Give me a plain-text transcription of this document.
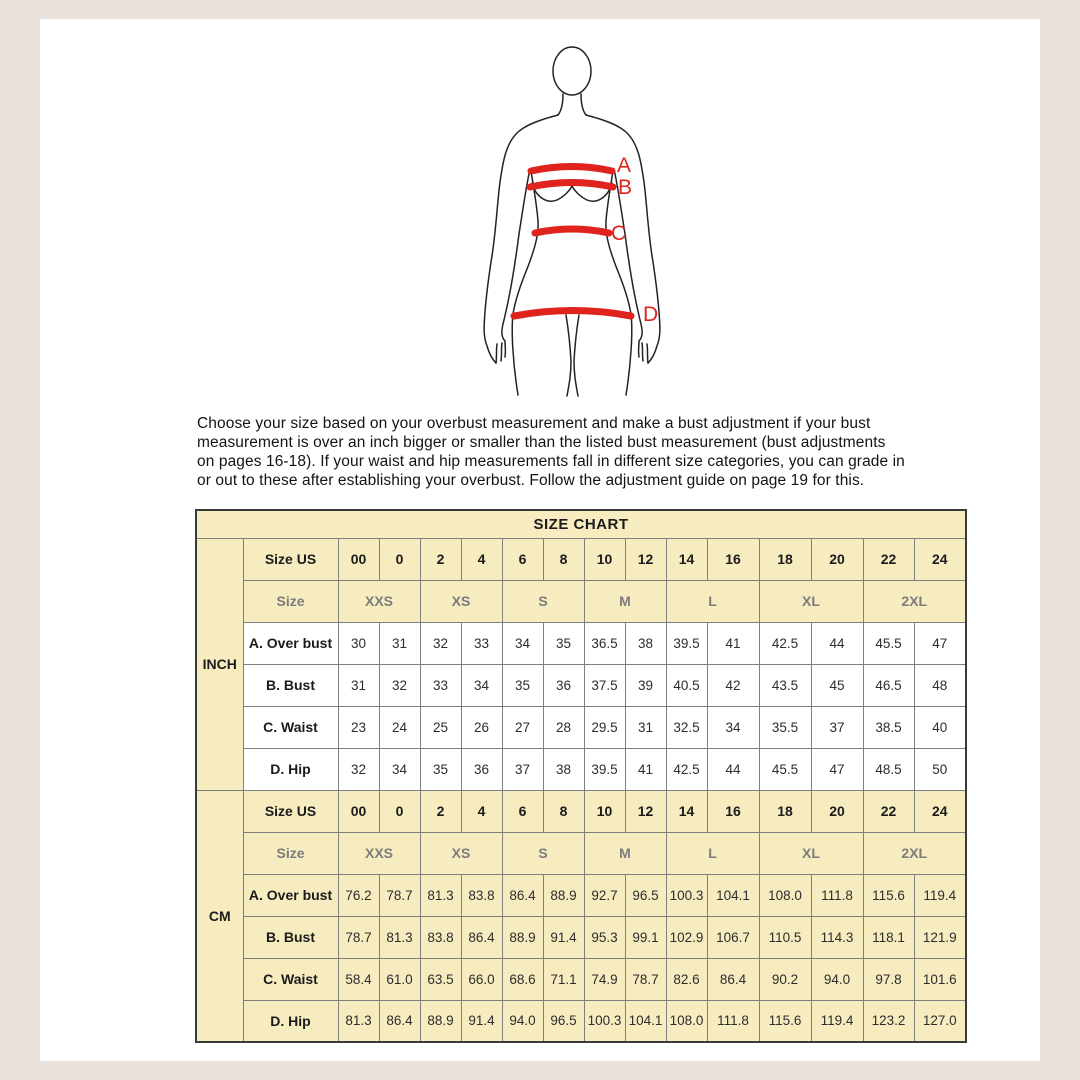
A
B
C
D
Choose your size based on your overbust measurement and make a bust adjustment if your bust
measurement is over an inch bigger or smaller than the listed bust measurement (bust adjustments
on pages 16-18). If your waist and hip measurements fall in different size categories, you can grade in
or out to these after establishing your overbust. Follow the adjustment guide on page 19 for this.
SIZE CHART															
INCH	Size US	00	0	2	4	6	8	10	12	14	16	18	20	22	24
	Size	XXS		XS		S		M		L		XL		2XL	
	A. Over bust	30	31	32	33	34	35	36.5	38	39.5	41	42.5	44	45.5	47
	B. Bust	31	32	33	34	35	36	37.5	39	40.5	42	43.5	45	46.5	48
	C. Waist	23	24	25	26	27	28	29.5	31	32.5	34	35.5	37	38.5	40
	D. Hip	32	34	35	36	37	38	39.5	41	42.5	44	45.5	47	48.5	50
CM	Size US	00	0	2	4	6	8	10	12	14	16	18	20	22	24
	Size	XXS		XS		S		M		L		XL		2XL	
	A. Over bust	76.2	78.7	81.3	83.8	86.4	88.9	92.7	96.5	100.3	104.1	108.0	111.8	115.6	119.4
	B. Bust	78.7	81.3	83.8	86.4	88.9	91.4	95.3	99.1	102.9	106.7	110.5	114.3	118.1	121.9
	C. Waist	58.4	61.0	63.5	66.0	68.6	71.1	74.9	78.7	82.6	86.4	90.2	94.0	97.8	101.6
	D. Hip	81.3	86.4	88.9	91.4	94.0	96.5	100.3	104.1	108.0	111.8	115.6	119.4	123.2	127.0
